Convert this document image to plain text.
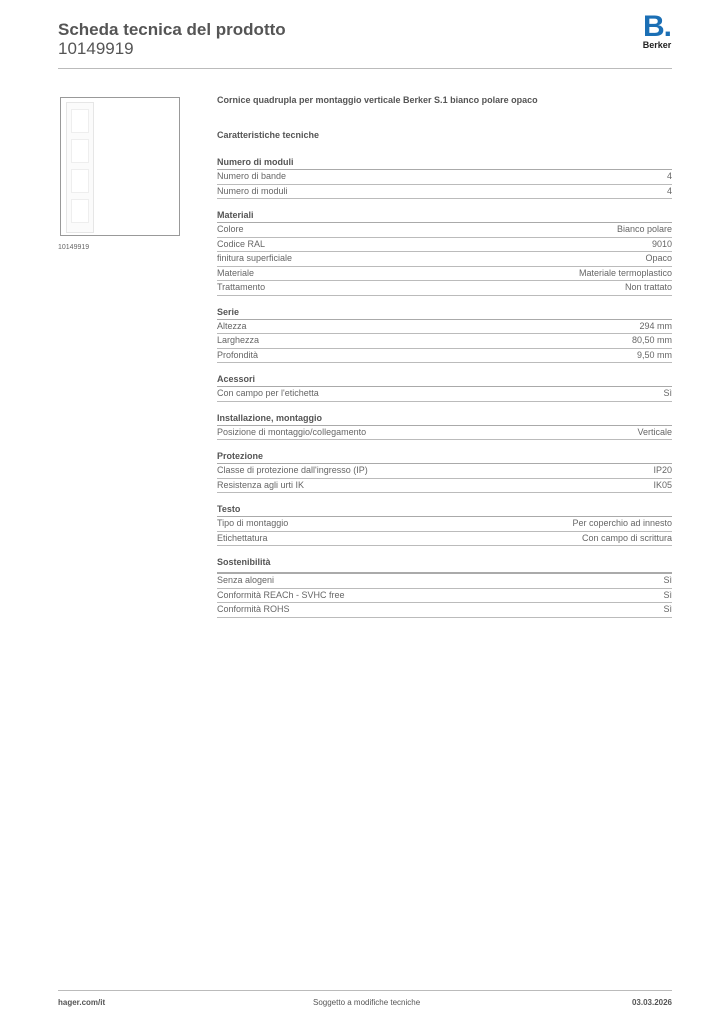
Scheda tecnica del prodotto
10149919
B.
Berker
10149919
Cornice quadrupla per montaggio verticale Berker S.1 bianco polare opaco
Caratteristiche tecniche
Numero di moduli
Numero di bande	4
Numero di moduli	4
Materiali
Colore	Bianco polare
Codice RAL	9010
finitura superficiale	Opaco
Materiale	Materiale termoplastico
Trattamento	Non trattato
Serie
Altezza	294 mm
Larghezza	80,50 mm
Profondità	9,50 mm
Acessori
Con campo per l'etichetta	Sì
Installazione, montaggio
Posizione di montaggio/collegamento	Verticale
Protezione
Classe di protezione dall'ingresso (IP)	IP20
Resistenza agli urti IK	IK05
Testo
Tipo di montaggio	Per coperchio ad innesto
Etichettatura	Con campo di scrittura
Sostenibilità
Senza alogeni	Sì
Conformità REACh - SVHC free	Sì
Conformità ROHS	Sì
hager.com/it	Soggetto a modifiche tecniche	03.03.2026
